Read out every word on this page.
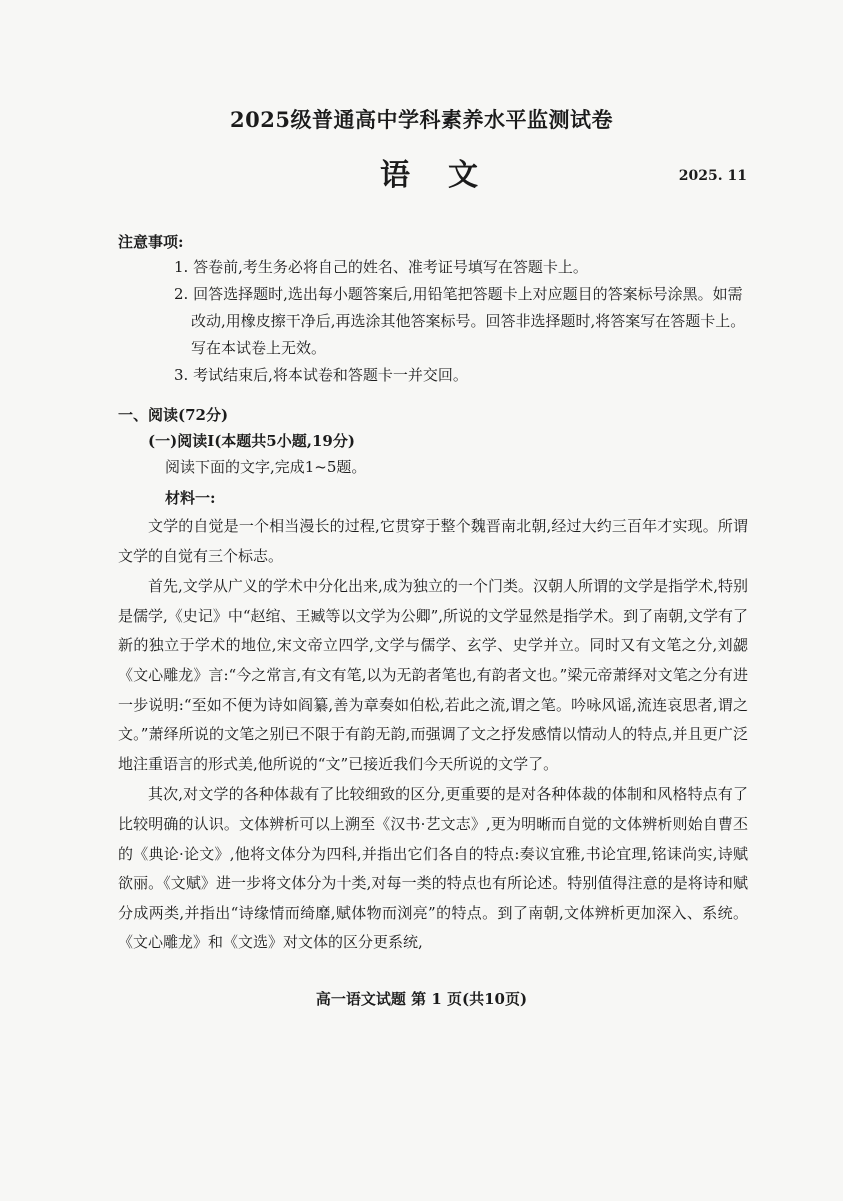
2025级普通高中学科素养水平监测试卷
语文	2025. 11
注意事项:

1. 答卷前,考生务必将自己的姓名、准考证号填写在答题卡上。

2. 回答选择题时,选出每小题答案后,用铅笔把答题卡上对应题目的答案标号涂黑。如需改动,用橡皮擦干净后,再选涂其他答案标号。回答非选择题时,将答案写在答题卡上。写在本试卷上无效。

3. 考试结束后,将本试卷和答题卡一并交回。

一、阅读(72分)
(一)阅读Ⅰ(本题共5小题,19分)
阅读下面的文字,完成1~5题。
材料一:

文学的自觉是一个相当漫长的过程,它贯穿于整个魏晋南北朝,经过大约三百年才实现。所谓文学的自觉有三个标志。

首先,文学从广义的学术中分化出来,成为独立的一个门类。汉朝人所谓的文学是指学术,特别是儒学,《史记》中“赵绾、王臧等以文学为公卿”,所说的文学显然是指学术。到了南朝,文学有了新的独立于学术的地位,宋文帝立四学,文学与儒学、玄学、史学并立。同时又有文笔之分,刘勰《文心雕龙》言:“今之常言,有文有笔,以为无韵者笔也,有韵者文也。”梁元帝萧绎对文笔之分有进一步说明:“至如不便为诗如阎纂,善为章奏如伯松,若此之流,谓之笔。吟咏风谣,流连哀思者,谓之文。”萧绎所说的文笔之别已不限于有韵无韵,而强调了文之抒发感情以情动人的特点,并且更广泛地注重语言的形式美,他所说的“文”已接近我们今天所说的文学了。

其次,对文学的各种体裁有了比较细致的区分,更重要的是对各种体裁的体制和风格特点有了比较明确的认识。文体辨析可以上溯至《汉书·艺文志》,更为明晰而自觉的文体辨析则始自曹丕的《典论·论文》,他将文体分为四科,并指出它们各自的特点:奏议宜雅,书论宜理,铭诔尚实,诗赋欲丽。《文赋》进一步将文体分为十类,对每一类的特点也有所论述。特别值得注意的是将诗和赋分成两类,并指出“诗缘情而绮靡,赋体物而浏亮”的特点。到了南朝,文体辨析更加深入、系统。《文心雕龙》和《文选》对文体的区分更系统,

高一语文试题 第 1 页(共10页)
